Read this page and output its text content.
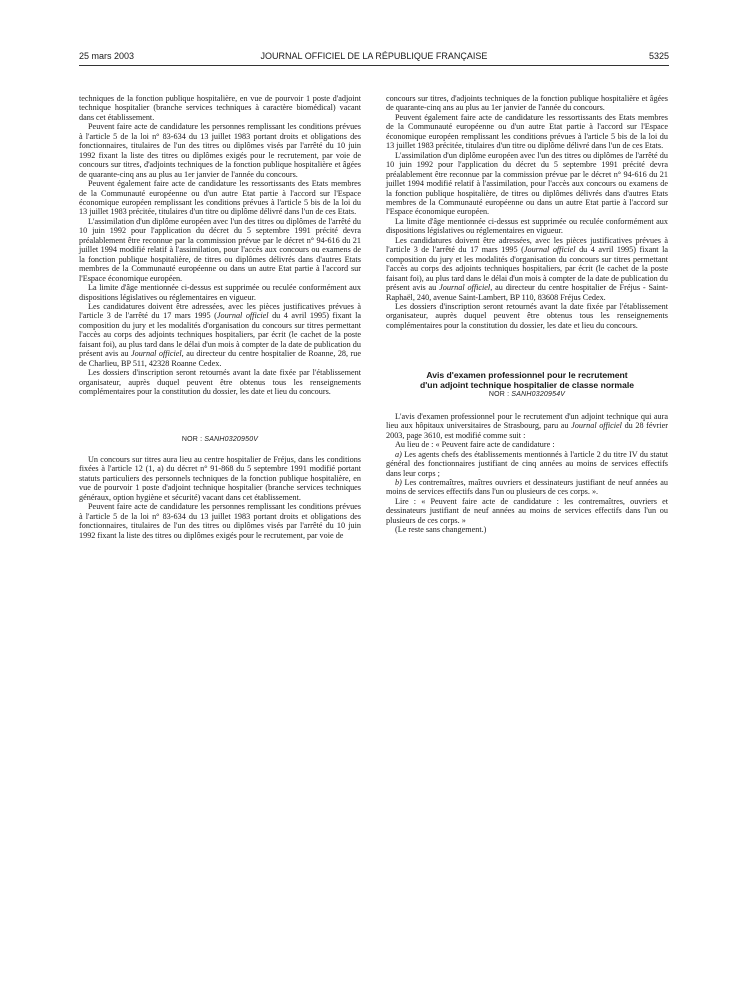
25 mars 2003	JOURNAL OFFICIEL DE LA RÉPUBLIQUE FRANÇAISE	5325

techniques de la fonction publique hospitalière, en vue de pourvoir 1 poste d'adjoint technique hospitalier (branche services techniques à caractère biomédical) vacant dans cet établissement.

Peuvent faire acte de candidature les personnes remplissant les conditions prévues à l'article 5 de la loi n° 83-634 du 13 juillet 1983 portant droits et obligations des fonctionnaires, titulaires de l'un des titres ou diplômes visés par l'arrêté du 10 juin 1992 fixant la liste des titres ou diplômes exigés pour le recrutement, par voie de concours sur titres, d'adjoints techniques de la fonction publique hospitalière et âgées de quarante-cinq ans au plus au 1er janvier de l'année du concours.

Peuvent également faire acte de candidature les ressortissants des Etats membres de la Communauté européenne ou d'un autre Etat partie à l'accord sur l'Espace économique européen remplissant les conditions prévues à l'article 5 bis de la loi du 13 juillet 1983 précitée, titulaires d'un titre ou diplôme délivré dans l'un de ces Etats.

L'assimilation d'un diplôme européen avec l'un des titres ou diplômes de l'arrêté du 10 juin 1992 pour l'application du décret du 5 septembre 1991 précité devra préalablement être reconnue par la commission prévue par le décret n° 94-616 du 21 juillet 1994 modifié relatif à l'assimilation, pour l'accès aux concours ou examens de la fonction publique hospitalière, de titres ou diplômes délivrés dans d'autres Etats membres de la Communauté européenne ou dans un autre Etat partie à l'accord sur l'Espace économique européen.

La limite d'âge mentionnée ci-dessus est supprimée ou reculée conformément aux dispositions législatives ou réglementaires en vigueur.

Les candidatures doivent être adressées, avec les pièces justificatives prévues à l'article 3 de l'arrêté du 17 mars 1995 (Journal officiel du 4 avril 1995) fixant la composition du jury et les modalités d'organisation du concours sur titres permettant l'accès au corps des adjoints techniques hospitaliers, par écrit (le cachet de la poste faisant foi), au plus tard dans le délai d'un mois à compter de la date de publication du présent avis au Journal officiel, au directeur du centre hospitalier de Roanne, 28, rue de Charlieu, BP 511, 42328 Roanne Cedex.

Les dossiers d'inscription seront retournés avant la date fixée par l'établissement organisateur, auprès duquel peuvent être obtenus tous les renseignements complémentaires pour la constitution du dossier, les date et lieu du concours.

NOR : SANH0320950V

Un concours sur titres aura lieu au centre hospitalier de Fréjus, dans les conditions fixées à l'article 12 (1, a) du décret n° 91-868 du 5 septembre 1991 modifié portant statuts particuliers des personnels techniques de la fonction publique hospitalière, en vue de pourvoir 1 poste d'adjoint technique hospitalier (branche services techniques généraux, option hygiène et sécurité) vacant dans cet établissement.

Peuvent faire acte de candidature les personnes remplissant les conditions prévues à l'article 5 de la loi n° 83-634 du 13 juillet 1983 portant droits et obligations des fonctionnaires, titulaires de l'un des titres ou diplômes visés par l'arrêté du 10 juin 1992 fixant la liste des titres ou diplômes exigés pour le recrutement, par voie de

concours sur titres, d'adjoints techniques de la fonction publique hospitalière et âgées de quarante-cinq ans au plus au 1er janvier de l'année du concours.

Peuvent également faire acte de candidature les ressortissants des Etats membres de la Communauté européenne ou d'un autre Etat partie à l'accord sur l'Espace économique européen remplissant les conditions prévues à l'article 5 bis de la loi du 13 juillet 1983 précitée, titulaires d'un titre ou diplôme délivré dans l'un de ces Etats.

L'assimilation d'un diplôme européen avec l'un des titres ou diplômes de l'arrêté du 10 juin 1992 pour l'application du décret du 5 septembre 1991 précité devra préalablement être reconnue par la commission prévue par le décret n° 94-616 du 21 juillet 1994 modifié relatif à l'assimilation, pour l'accès aux concours ou examens de la fonction publique hospitalière, de titres ou diplômes délivrés dans d'autres Etats membres de la Communauté européenne ou dans un autre Etat partie à l'accord sur l'Espace économique européen.

La limite d'âge mentionnée ci-dessus est supprimée ou reculée conformément aux dispositions législatives ou réglementaires en vigueur.

Les candidatures doivent être adressées, avec les pièces justificatives prévues à l'article 3 de l'arrêté du 17 mars 1995 (Journal officiel du 4 avril 1995) fixant la composition du jury et les modalités d'organisation du concours sur titres permettant l'accès au corps des adjoints techniques hospitaliers, par écrit (le cachet de la poste faisant foi), au plus tard dans le délai d'un mois à compter de la date de publication du présent avis au Journal officiel, au directeur du centre hospitalier de Fréjus - Saint-Raphaël, 240, avenue Saint-Lambert, BP 110, 83608 Fréjus Cedex.

Les dossiers d'inscription seront retournés avant la date fixée par l'établissement organisateur, auprès duquel peuvent être obtenus tous les renseignements complémentaires pour la constitution du dossier, les date et lieu du concours.

Avis d'examen professionnel pour le recrutement
d'un adjoint technique hospitalier de classe normale

NOR : SANH0320954V

L'avis d'examen professionnel pour le recrutement d'un adjoint technique qui aura lieu aux hôpitaux universitaires de Strasbourg, paru au Journal officiel du 28 février 2003, page 3610, est modifié comme suit :

Au lieu de : « Peuvent faire acte de candidature :

a) Les agents chefs des établissements mentionnés à l'article 2 du titre IV du statut général des fonctionnaires justifiant de cinq années au moins de services effectifs dans leur corps ;

b) Les contremaîtres, maîtres ouvriers et dessinateurs justifiant de neuf années au moins de services effectifs dans l'un ou plusieurs de ces corps. ».

Lire : « Peuvent faire acte de candidature : les contremaîtres, ouvriers et dessinateurs justifiant de neuf années au moins de services effectifs dans l'un ou plusieurs de ces corps. »

(Le reste sans changement.)
